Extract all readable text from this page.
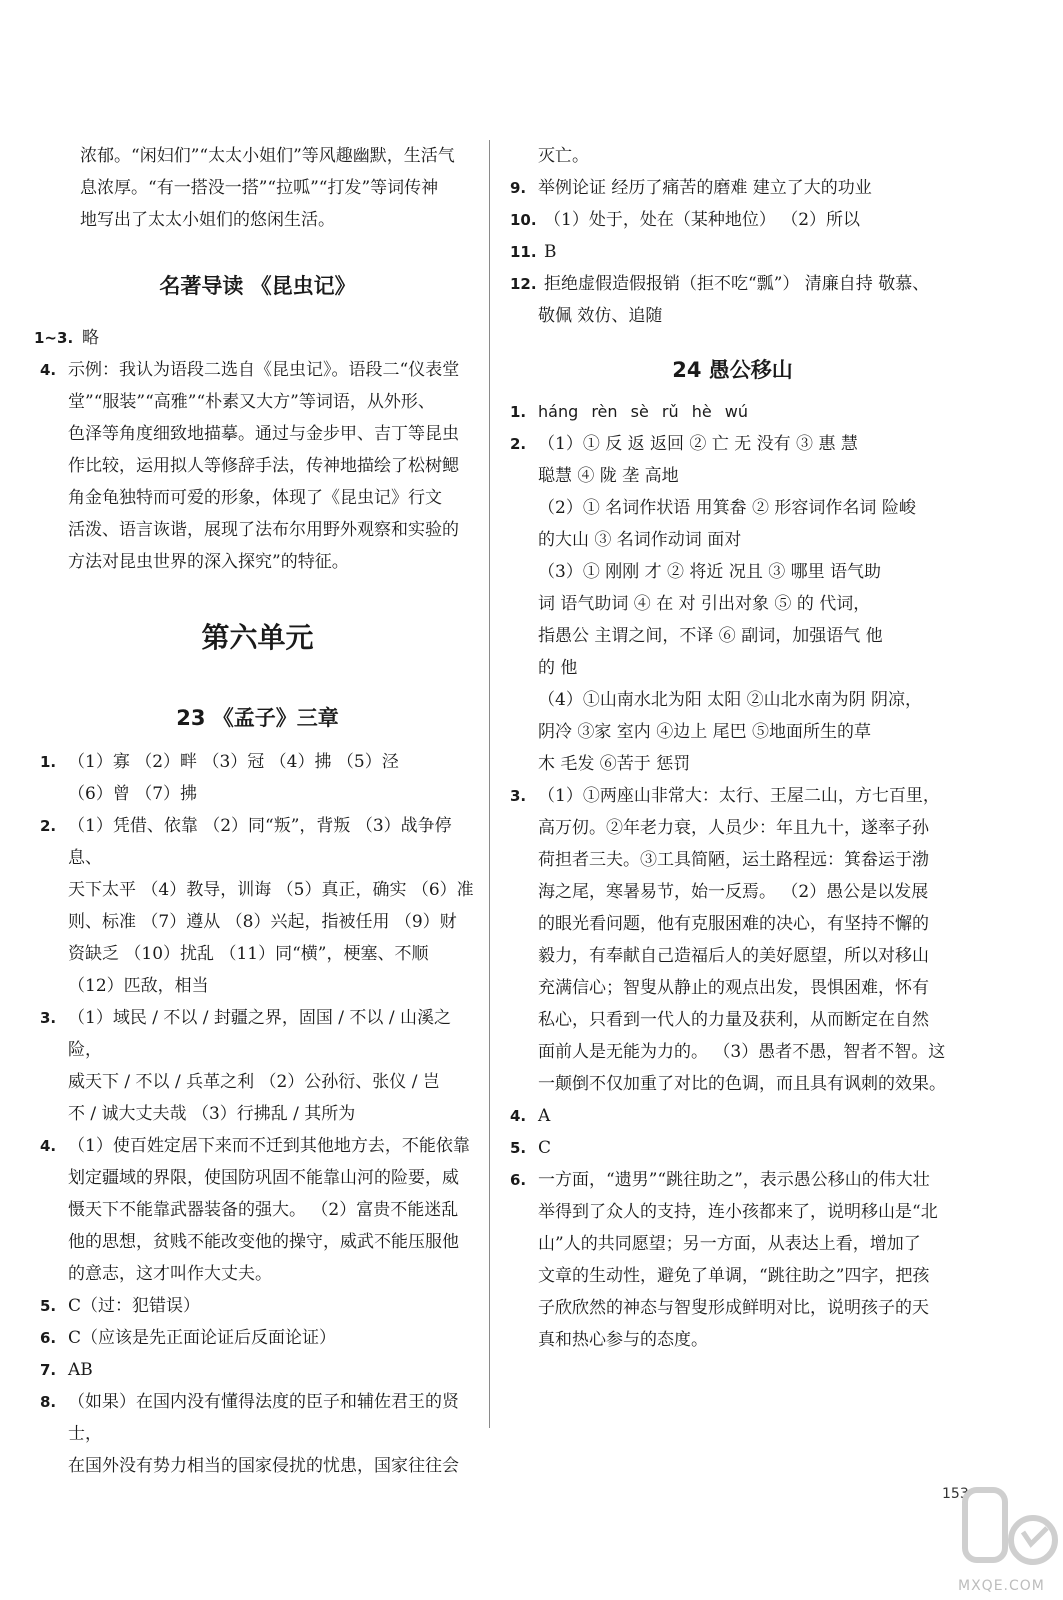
浓郁。“闲妇们”“太太小姐们”等风趣幽默，生活气
息浓厚。“有一搭没一搭”“拉呱”“打发”等词传神
地写出了太太小姐们的悠闲生活。
名著导读 《昆虫记》
1~3. 略
4. 示例：我认为语段二选自《昆虫记》。语段二“仪表堂
堂”“服装”“高雅”“朴素又大方”等词语，从外形、
色泽等角度细致地描摹。通过与金步甲、吉丁等昆虫
作比较，运用拟人等修辞手法，传神地描绘了松树鳃
角金龟独特而可爱的形象，体现了《昆虫记》行文
活泼、语言诙谐，展现了法布尔用野外观察和实验的
方法对昆虫世界的深入探究”的特征。
第六单元
23 《孟子》三章
1. （1）寡 （2）畔 （3）冠 （4）拂 （5）泾
（6）曾 （7）拂
2. （1）凭借、依靠 （2）同“叛”，背叛 （3）战争停息、
天下太平 （4）教导，训诲 （5）真正，确实 （6）准
则、标准 （7）遵从 （8）兴起，指被任用 （9）财
资缺乏 （10）扰乱 （11）同“横”，梗塞、不顺
（12）匹敌，相当
3. （1）域民 / 不以 / 封疆之界，固国 / 不以 / 山溪之险，
威天下 / 不以 / 兵革之利 （2）公孙衍、张仪 / 岂
不 / 诚大丈夫哉 （3）行拂乱 / 其所为
4. （1）使百姓定居下来而不迁到其他地方去，不能依靠
划定疆域的界限，使国防巩固不能靠山河的险要，威
慑天下不能靠武器装备的强大。 （2）富贵不能迷乱
他的思想，贫贱不能改变他的操守，威武不能压服他
的意志，这才叫作大丈夫。
5. C（过：犯错误）
6. C（应该是先正面论证后反面论证）
7. AB
8. （如果）在国内没有懂得法度的臣子和辅佐君王的贤士，
在国外没有势力相当的国家侵扰的忧患，国家往往会
灭亡。
9. 举例论证 经历了痛苦的磨难 建立了大的功业
10. （1）处于，处在（某种地位） （2）所以
11. B
12. 拒绝虚假造假报销（拒不吃“瓢”） 清廉自持 敬慕、
敬佩 效仿、追随
24 愚公移山
1. háng rèn sè rǔ hè wú
2. （1）① 反 返 返回 ② 亡 无 没有 ③ 惠 慧
聪慧 ④ 陇 垄 高地
（2）① 名词作状语 用箕畚 ② 形容词作名词 险峻
的大山 ③ 名词作动词 面对
（3）① 刚刚 才 ② 将近 况且 ③ 哪里 语气助
词 语气助词 ④ 在 对 引出对象 ⑤ 的 代词，
指愚公 主谓之间，不译 ⑥ 副词，加强语气 他
的 他
（4）①山南水北为阳 太阳 ②山北水南为阴 阴凉，
阴冷 ③家 室内 ④边上 尾巴 ⑤地面所生的草
木 毛发 ⑥苦于 惩罚
3. （1）①两座山非常大：太行、王屋二山，方七百里，
高万仞。②年老力衰，人员少：年且九十，遂率子孙
荷担者三夫。③工具简陋，运土路程远：箕畚运于渤
海之尾，寒暑易节，始一反焉。 （2）愚公是以发展
的眼光看问题，他有克服困难的决心，有坚持不懈的
毅力，有奉献自己造福后人的美好愿望，所以对移山
充满信心；智叟从静止的观点出发，畏惧困难，怀有
私心，只看到一代人的力量及获利，从而断定在自然
面前人是无能为力的。 （3）愚者不愚，智者不智。这
一颠倒不仅加重了对比的色调，而且具有讽刺的效果。
4. A
5. C
6. 一方面，“遗男”“跳往助之”，表示愚公移山的伟大壮
举得到了众人的支持，连小孩都来了，说明移山是“北
山”人的共同愿望；另一方面，从表达上看，增加了
文章的生动性，避免了单调，“跳往助之”四字，把孩
子欣欣然的神态与智叟形成鲜明对比，说明孩子的天
真和热心参与的态度。
153
MXQE.COM
